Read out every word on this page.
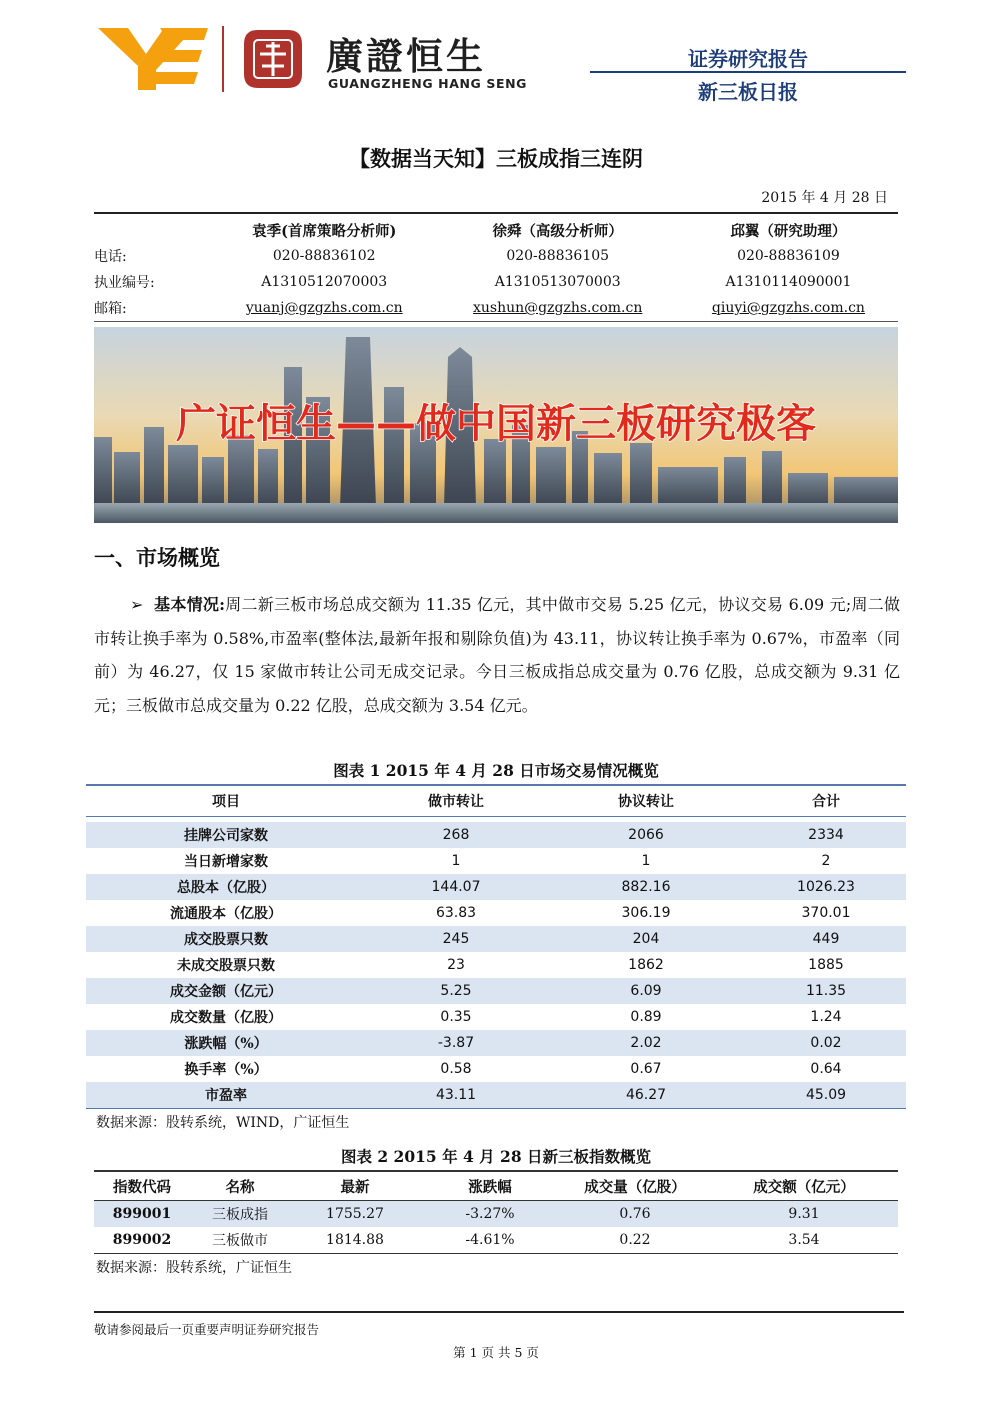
廣證恒生
GUANGZHENG HANG SENG
证券研究报告
新三板日报
【数据当天知】三板成指三连阴
2015 年 4 月 28 日
	袁季(首席策略分析师)	徐舜（高级分析师）	邱翼（研究助理）
电话:	020-88836102	020-88836105	020-88836109
执业编号:	A1310512070003	A1310513070003	A1310114090001
邮箱:	yuanj@gzgzhs.com.cn	xushun@gzgzhs.com.cn	qiuyi@gzgzhs.com.cn
广证恒生——做中国新三板研究极客
一、市场概览

➢ 基本情况:周二新三板市场总成交额为 11.35 亿元，其中做市交易 5.25 亿元，协议交易 6.09 元;周二做市转让换手率为 0.58%,市盈率(整体法,最新年报和剔除负值)为 43.11，协议转让换手率为 0.67%，市盈率（同前）为 46.27，仅 15 家做市转让公司无成交记录。今日三板成指总成交量为 0.76 亿股，总成交额为 9.31 亿元；三板做市总成交量为 0.22 亿股，总成交额为 3.54 亿元。

图表 1 2015 年 4 月 28 日市场交易情况概览
项目	做市转让	协议转让	合计

挂牌公司家数	268	2066	2334
当日新增家数	1	1	2
总股本（亿股）	144.07	882.16	1026.23
流通股本（亿股）	63.83	306.19	370.01
成交股票只数	245	204	449
未成交股票只数	23	1862	1885
成交金额（亿元）	5.25	6.09	11.35
成交数量（亿股）	0.35	0.89	1.24
涨跌幅（%）	-3.87	2.02	0.02
换手率（%）	0.58	0.67	0.64
市盈率	43.11	46.27	45.09
数据来源：股转系统，WIND，广证恒生
图表 2 2015 年 4 月 28 日新三板指数概览
指数代码	名称	最新	涨跌幅	成交量（亿股）	成交额（亿元）
899001	三板成指	1755.27	-3.27%	0.76	9.31
899002	三板做市	1814.88	-4.61%	0.22	3.54
数据来源：股转系统，广证恒生
敬请参阅最后一页重要声明证券研究报告
第 1 页 共 5 页
